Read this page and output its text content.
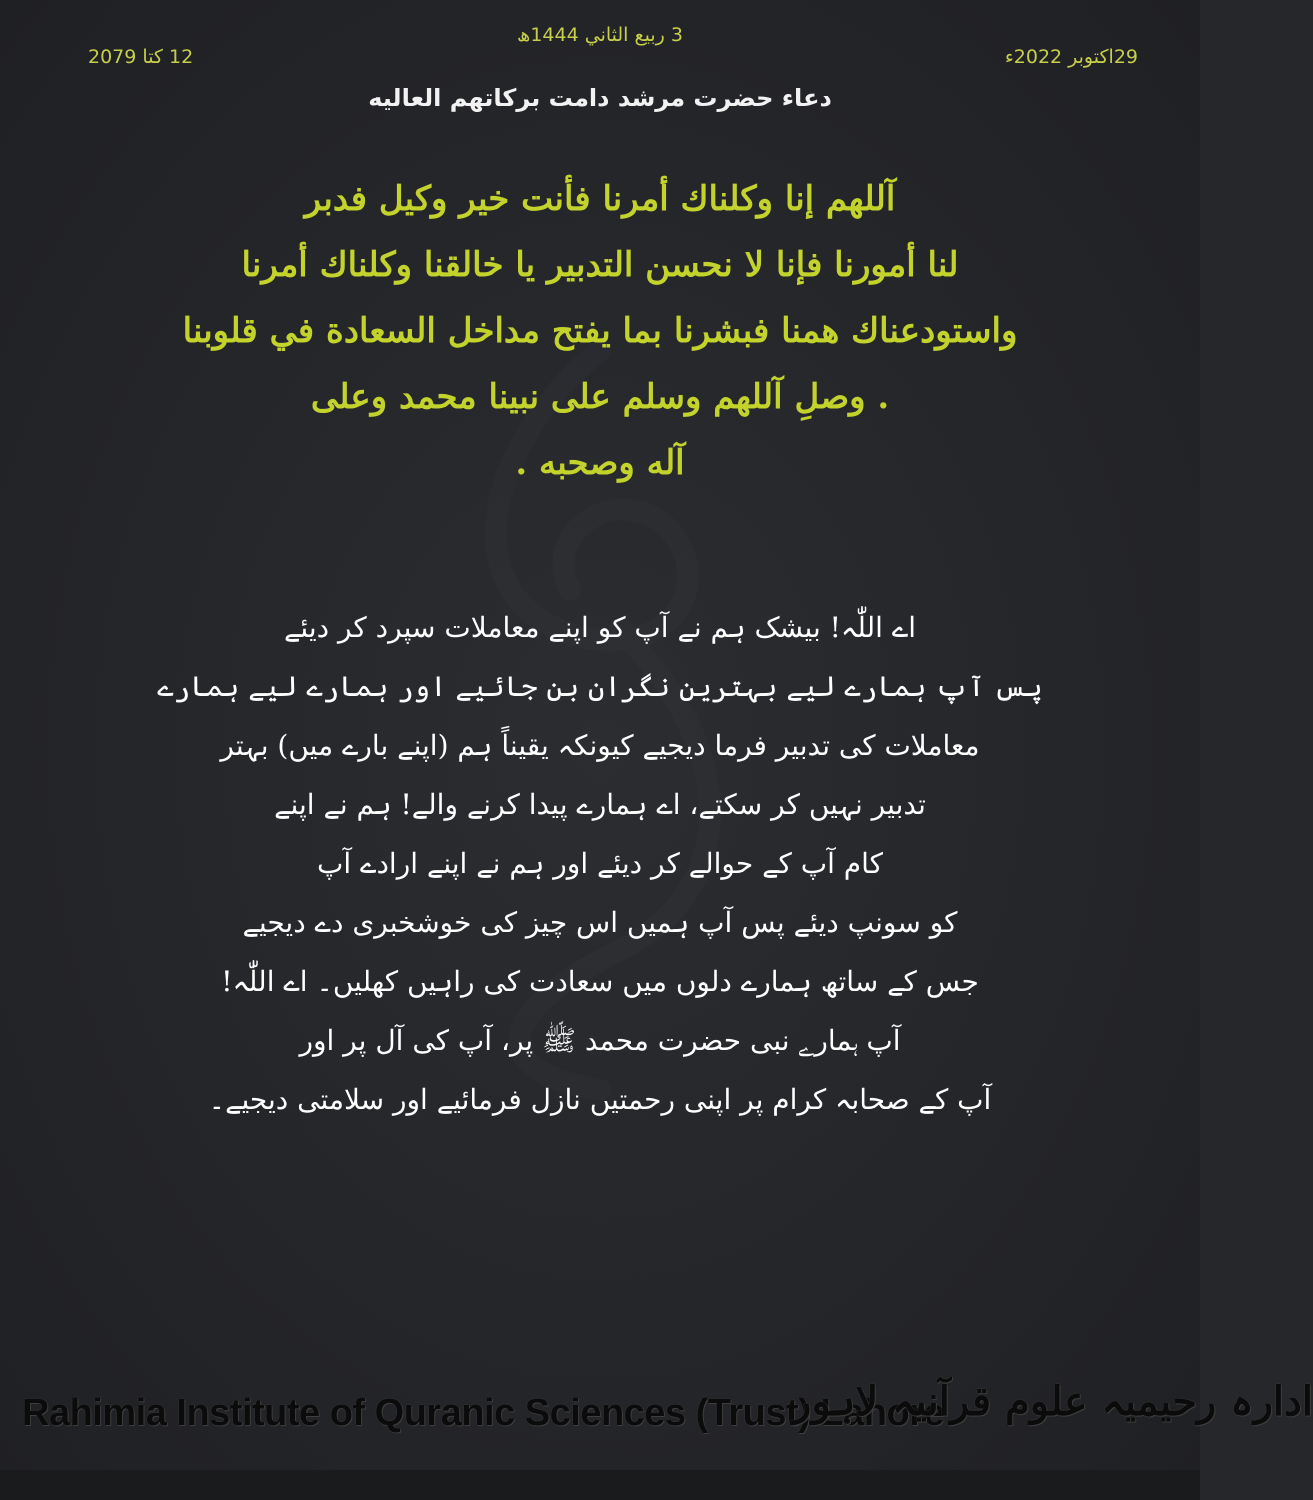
3 ربيع الثاني 1444ھ
29اکتوبر 2022ء
12 کتا 2079
دعاء حضرت مرشد دامت برکاتهم العالیه
آللهم إنا وكلناك أمرنا فأنت خير وكيل فدبر
لنا أمورنا فإنا لا نحسن التدبير يا خالقنا وكلناك أمرنا
واستودعناك همنا فبشرنا بما يفتح مداخل السعادة في قلوبنا
. وصلِ آللهم وسلم على نبينا محمد وعلى
آله وصحبه .
اے اللّٰہ! بیشک ہم نے آپ کو اپنے معاملات سپرد کر دیئے
پس آپ ہمارے لیے بہترین نگران بن جائیے اور ہمارے لیے ہمارے
معاملات کی تدبیر فرما دیجیے کیونکہ یقیناً ہم (اپنے بارے میں) بہتر
تدبیر نہیں کر سکتے، اے ہمارے پیدا کرنے والے! ہم نے اپنے
کام آپ کے حوالے کر دیئے اور ہم نے اپنے ارادے آپ
کو سونپ دیئے پس آپ ہمیں اس چیز کی خوشخبری دے دیجیے
جس کے ساتھ ہمارے دلوں میں سعادت کی راہیں کھلیں۔ اے اللّٰہ!
آپ ہمارے نبی حضرت محمد ﷺ پر، آپ کی آل پر اور
آپ کے صحابہ کرام پر اپنی رحمتیں نازل فرمائیے اور سلامتی دیجیے۔
Rahimia Institute of Quranic Sciences (Trust) Lahore
ادارہ رحیمیہ علوم قرآنیہ لاہور
